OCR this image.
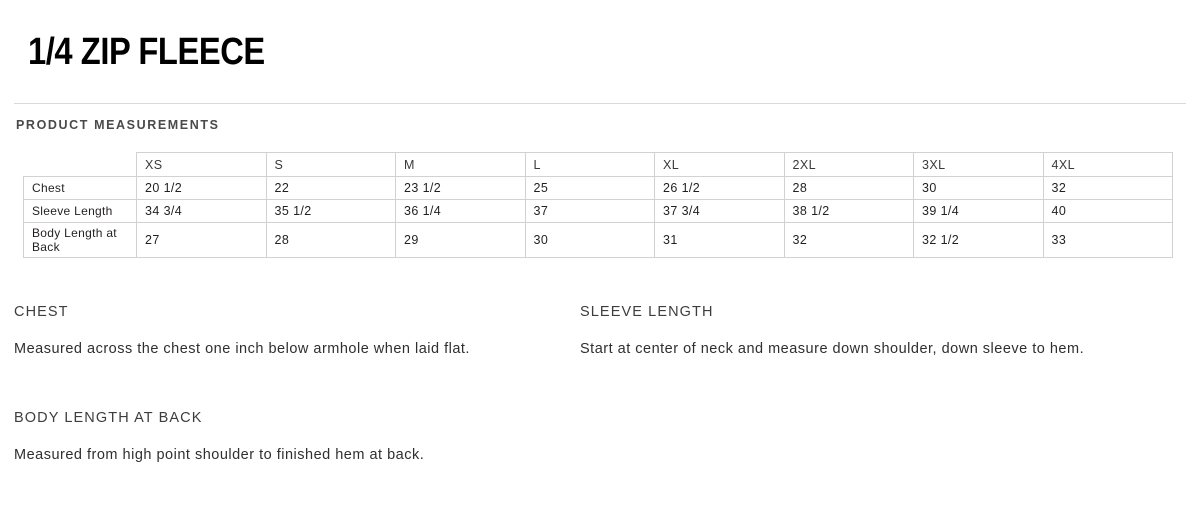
1/4 ZIP FLEECE
PRODUCT MEASUREMENTS
	XS	S	M	L	XL	2XL	3XL	4XL
Chest	20 1/2	22	23 1/2	25	26 1/2	28	30	32
Sleeve Length	34 3/4	35 1/2	36 1/4	37	37 3/4	38 1/2	39 1/4	40
Body Length at Back	27	28	29	30	31	32	32 1/2	33
CHEST
Measured across the chest one inch below armhole when laid flat.
SLEEVE LENGTH
Start at center of neck and measure down shoulder, down sleeve to hem.
BODY LENGTH AT BACK
Measured from high point shoulder to finished hem at back.
